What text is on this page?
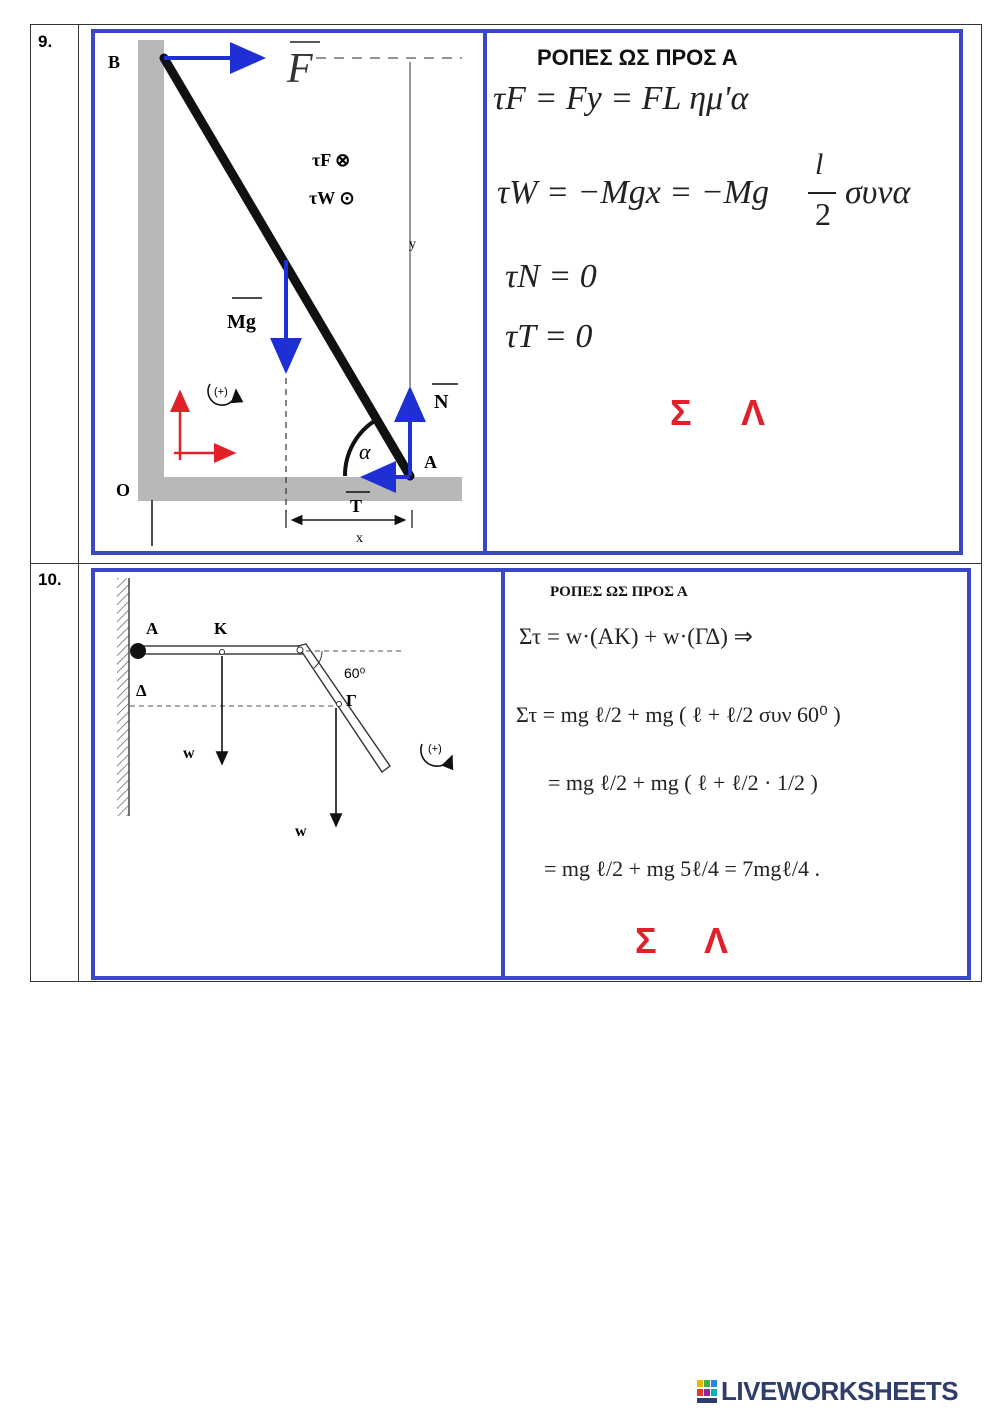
9.
10.
B	F
τF ⊗
τW ⊙
y
Mg
N
α	A
O
T
x
(+)
ΡΟΠΕΣ ΩΣ ΠΡΟΣ Α
τF = Fy = FL ημ'α
τW = −Mgx = −Mg
l
2
συνα
τN = 0
τT = 0
Σ Λ
A	K
60⁰
Δ
Γ
w
w
(+)
ΡΟΠΕΣ ΩΣ ΠΡΟΣ Α
Στ = w·(AK) + w·(ΓΔ) ⇒
Στ = mg ℓ/2 + mg ( ℓ + ℓ/2 συν 60⁰ )
= mg ℓ/2 + mg ( ℓ + ℓ/2 · 1/2 )
= mg ℓ/2 + mg 5ℓ/4 = 7mgℓ/4 .
Σ Λ
LIVEWORKSHEETS
